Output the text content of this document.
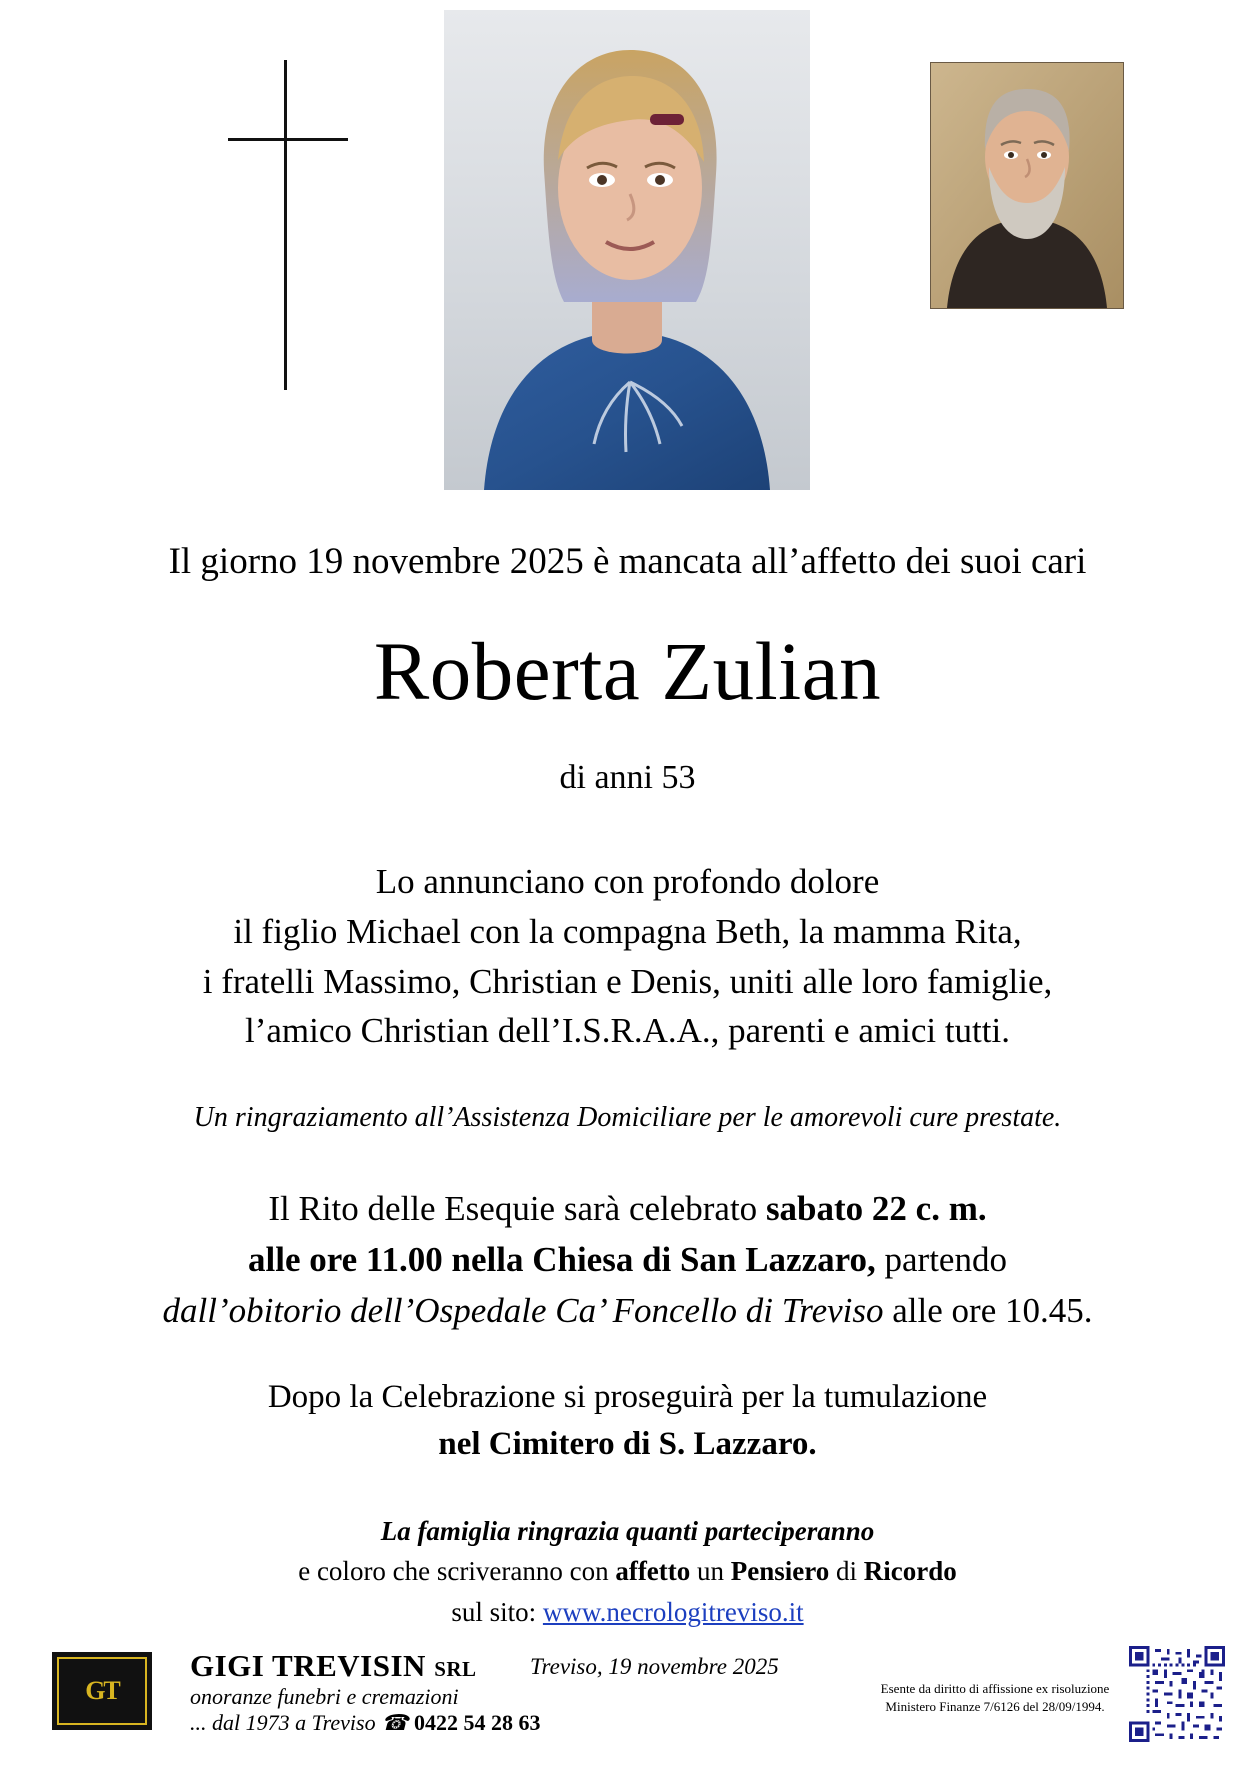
Il giorno 19 novembre 2025 è mancata all’affetto dei suoi cari
Roberta Zulian
di anni 53
Lo annunciano con profondo dolore
il figlio Michael con la compagna Beth, la mamma Rita,
i fratelli Massimo, Christian e Denis, uniti alle loro famiglie,
l’amico Christian dell’I.S.R.A.A., parenti e amici tutti.
Un ringraziamento all’Assistenza Domiciliare per le amorevoli cure prestate.
Il Rito delle Esequie sarà celebrato sabato 22 c. m.
alle ore 11.00 nella Chiesa di San Lazzaro, partendo
dall’obitorio dell’Ospedale Ca’ Foncello di Treviso alle ore 10.45.
Dopo la Celebrazione si proseguirà per la tumulazione
nel Cimitero di S. Lazzaro.
La famiglia ringrazia quanti parteciperanno
e coloro che scriveranno con affetto un Pensiero di Ricordo
sul sito: www.necrologitreviso.it
GT
GIGI TREVISIN SRL
onoranze funebri e cremazioni
... dal 1973 a Treviso ☎ 0422 54 28 63
Treviso, 19 novembre 2025
Esente da diritto di affissione ex risoluzione
Ministero Finanze 7/6126 del 28/09/1994.
